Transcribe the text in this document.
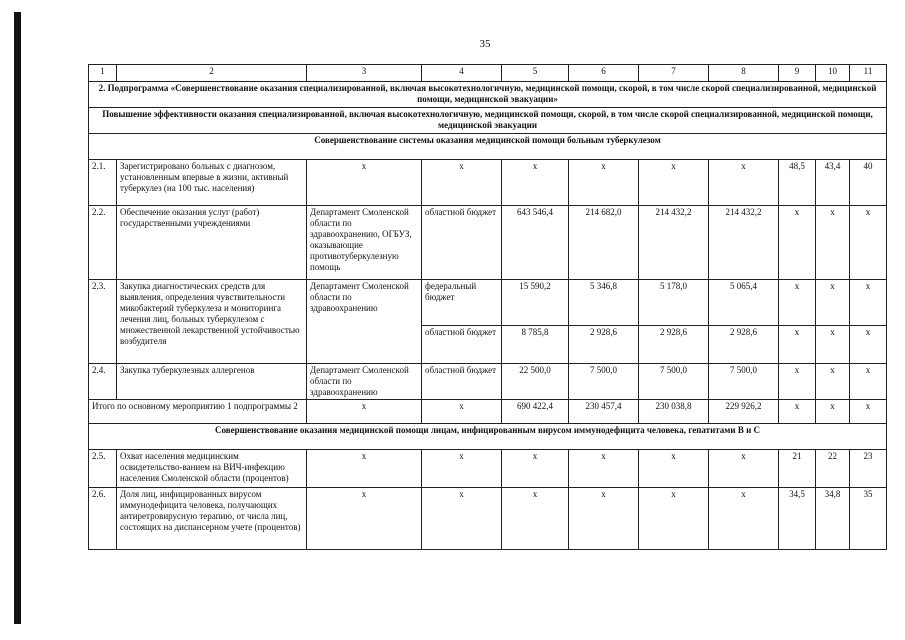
35
1	2	3	4	5	6	7	8	9	10	11
2. Подпрограмма «Совершенствование оказания специализированной, включая высокотехнологичную, медицинской помощи, скорой, в том числе скорой специализированной, медицинской помощи, медицинской эвакуации»										
Повышение эффективности оказания специализированной, включая высокотехнологичную, медицинской помощи, скорой, в том числе скорой специализированной, медицинской помощи, медицинской эвакуации										
Совершенствование системы оказания медицинской помощи больным туберкулезом										
2.1.	Зарегистрировано больных с диагнозом, установленным впервые в жизни, активный туберкулез (на 100 тыс. населения)	х	х	х	х	х	х	48,5	43,4	40
2.2.	Обеспечение оказания услуг (работ) государственными учреждениями	Департамент Смоленской области по здравоохранению, ОГБУЗ, оказывающие противотуберкулезную помощь	областной бюджет	643 546,4	214 682,0	214 432,2	214 432,2	х	х	х
2.3.	Закупка диагностических средств для выявления, определения чувствительности микобактерий туберкулеза и мониторинга лечения лиц, больных туберкулезом с множественной лекарственной устойчивостью возбудителя	Департамент Смоленской области по здравоохранению	федеральный бюджет	15 590,2	5 346,8	5 178,0	5 065,4	х	х	х
			областной бюджет	8 785,8	2 928,6	2 928,6	2 928,6	х	х	х
2.4.	Закупка туберкулезных аллергенов	Департамент Смоленской области по здравоохранению	областной бюджет	22 500,0	7 500,0	7 500,0	7 500,0	х	х	х
Итого по основному мероприятию 1 подпрограммы 2		х	х	690 422,4	230 457,4	230 038,8	229 926,2	х	х	х
Совершенствование оказания медицинской помощи лицам, инфицированным вирусом иммунодефицита человека, гепатитами В и С										
2.5.	Охват населения медицинским освидетельство-ванием на ВИЧ-инфекцию населения Смоленской области (процентов)	х	х	х	х	х	х	21	22	23
2.6.	Доля лиц, инфицированных вирусом иммунодефицита человека, получающих антиретровирусную терапию, от числа лиц, состоящих на диспансерном учете (процентов)	х	х	х	х	х	х	34,5	34,8	35
